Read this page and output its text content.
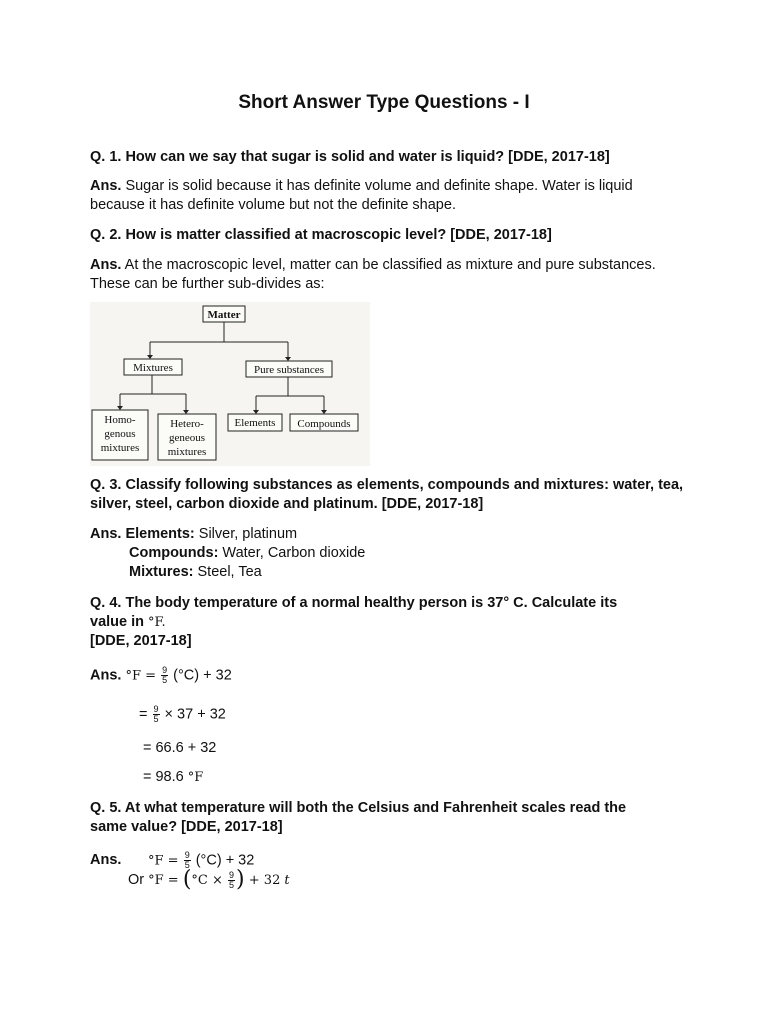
Short Answer Type Questions - I
Q. 1. How can we say that sugar is solid and water is liquid? [DDE, 2017-18]
Ans. Sugar is solid because it has definite volume and definite shape. Water is liquid because it has definite volume but not the definite shape.
Q. 2. How is matter classified at macroscopic level? [DDE, 2017-18]
Ans. At the macroscopic level, matter can be classified as mixture and pure substances. These can be further sub-divides as:
Matter
Mixtures	Pure substances
Homo-
genous
mixtures
Hetero-
geneous
mixtures
Elements Compounds
Q. 3. Classify following substances as elements, compounds and mixtures: water, tea, silver, steel, carbon dioxide and platinum. [DDE, 2017-18]
Ans. Elements: Silver, platinum
Compounds: Water, Carbon dioxide
Mixtures: Steel, Tea
Q. 4. The body temperature of a normal healthy person is 37° C. Calculate its
value in °F.
[DDE, 2017-18]
Ans. $^\circ F = \frac{9}{5} (^\circ C) + 32$
= $\frac{9}{5} \times 37 + 32$
= 66.6 + 32
= 98.6 °F
Q. 5. At what temperature will both the Celsius and Fahrenheit scales read the
same value? [DDE, 2017-18]
Ans. $^\circ F = \frac{9}{5} (^\circ C) + 32$
Or $^\circ F = (^\circ C \times \frac{9}{5}$ ) + 32 t
